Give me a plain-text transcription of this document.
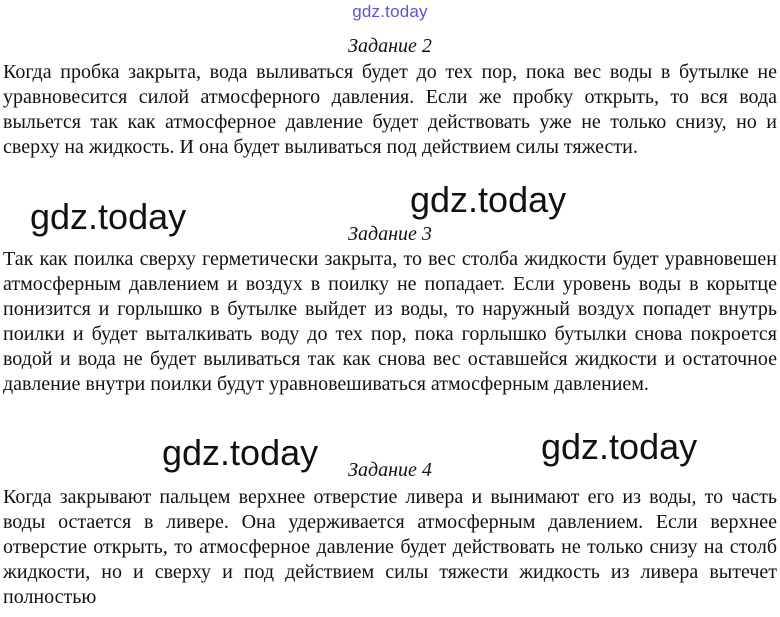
gdz.today
Задание 2

Когда пробка закрыта, вода выливаться будет до тех пор, пока вес воды в бутылке не уравновесится силой атмосферного давления. Если же пробку открыть, то вся вода выльется так как атмосферное давление будет действовать уже не только снизу, но и сверху на жидкость. И она будет выливаться под действием силы тяжести.

Задание 3

Так как поилка сверху герметически закрыта, то вес столба жидкости будет уравновешен атмосферным давлением и воздух в поилку не попадает. Если уровень воды в корытце понизится и горлышко в бутылке выйдет из воды, то наружный воздух попадет внутрь поилки и будет выталкивать воду до тех пор, пока горлышко бутылки снова покроется водой и вода не будет выливаться так как снова вес оставшейся жидкости и остаточное давление внутри поилки будут уравновешиваться атмосферным давлением.

Задание 4

Когда закрывают пальцем верхнее отверстие ливера и вынимают его из воды, то часть воды остается в ливере. Она удерживается атмосферным давлением. Если верхнее отверстие открыть, то атмосферное давление будет действовать не только снизу на столб жидкости, но и сверху и под действием силы тяжести жидкость из ливера вытечет полностью

gdz.today	gdz.today
gdz.today	gdz.today
